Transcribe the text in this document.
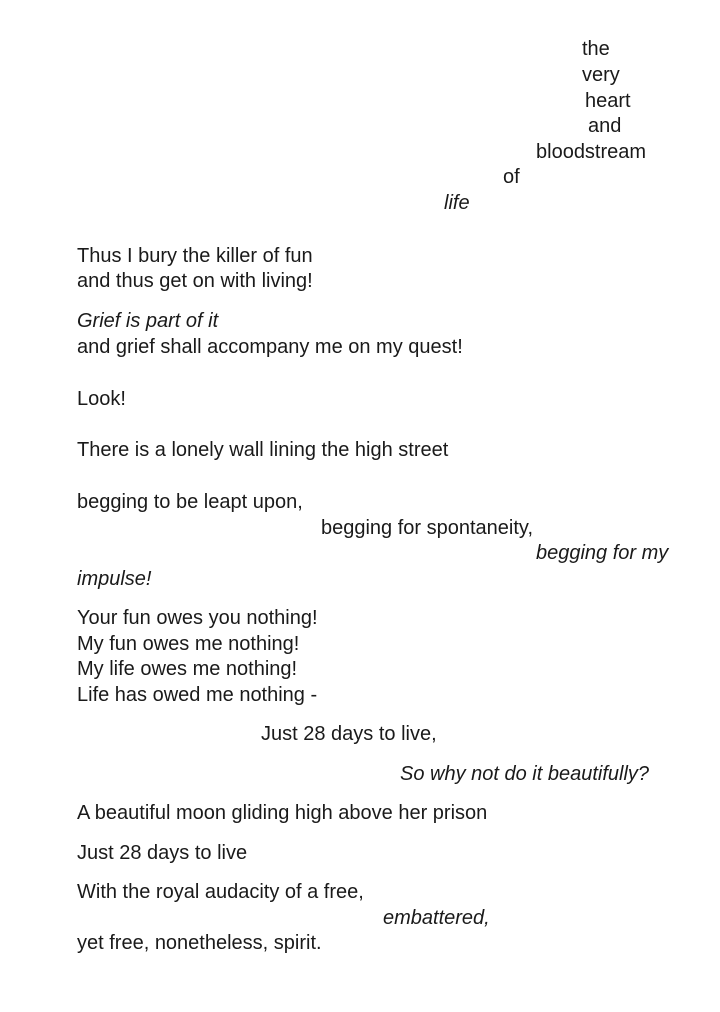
the

very

heart

and

bloodstream

of

life

Thus I bury the killer of fun

and thus get on with living!

Grief is part of it

and grief shall accompany me on my quest!

Look!

There is a lonely wall lining the high street

begging to be leapt upon,

begging for spontaneity,

begging for my

impulse!

Your fun owes you nothing!

My fun owes me nothing!

My life owes me nothing!

Life has owed me nothing -

Just 28 days to live,

So why not do it beautifully?

A beautiful moon gliding high above her prison

Just 28 days to live

With the royal audacity of a free,

embattered,

yet free, nonetheless, spirit.
